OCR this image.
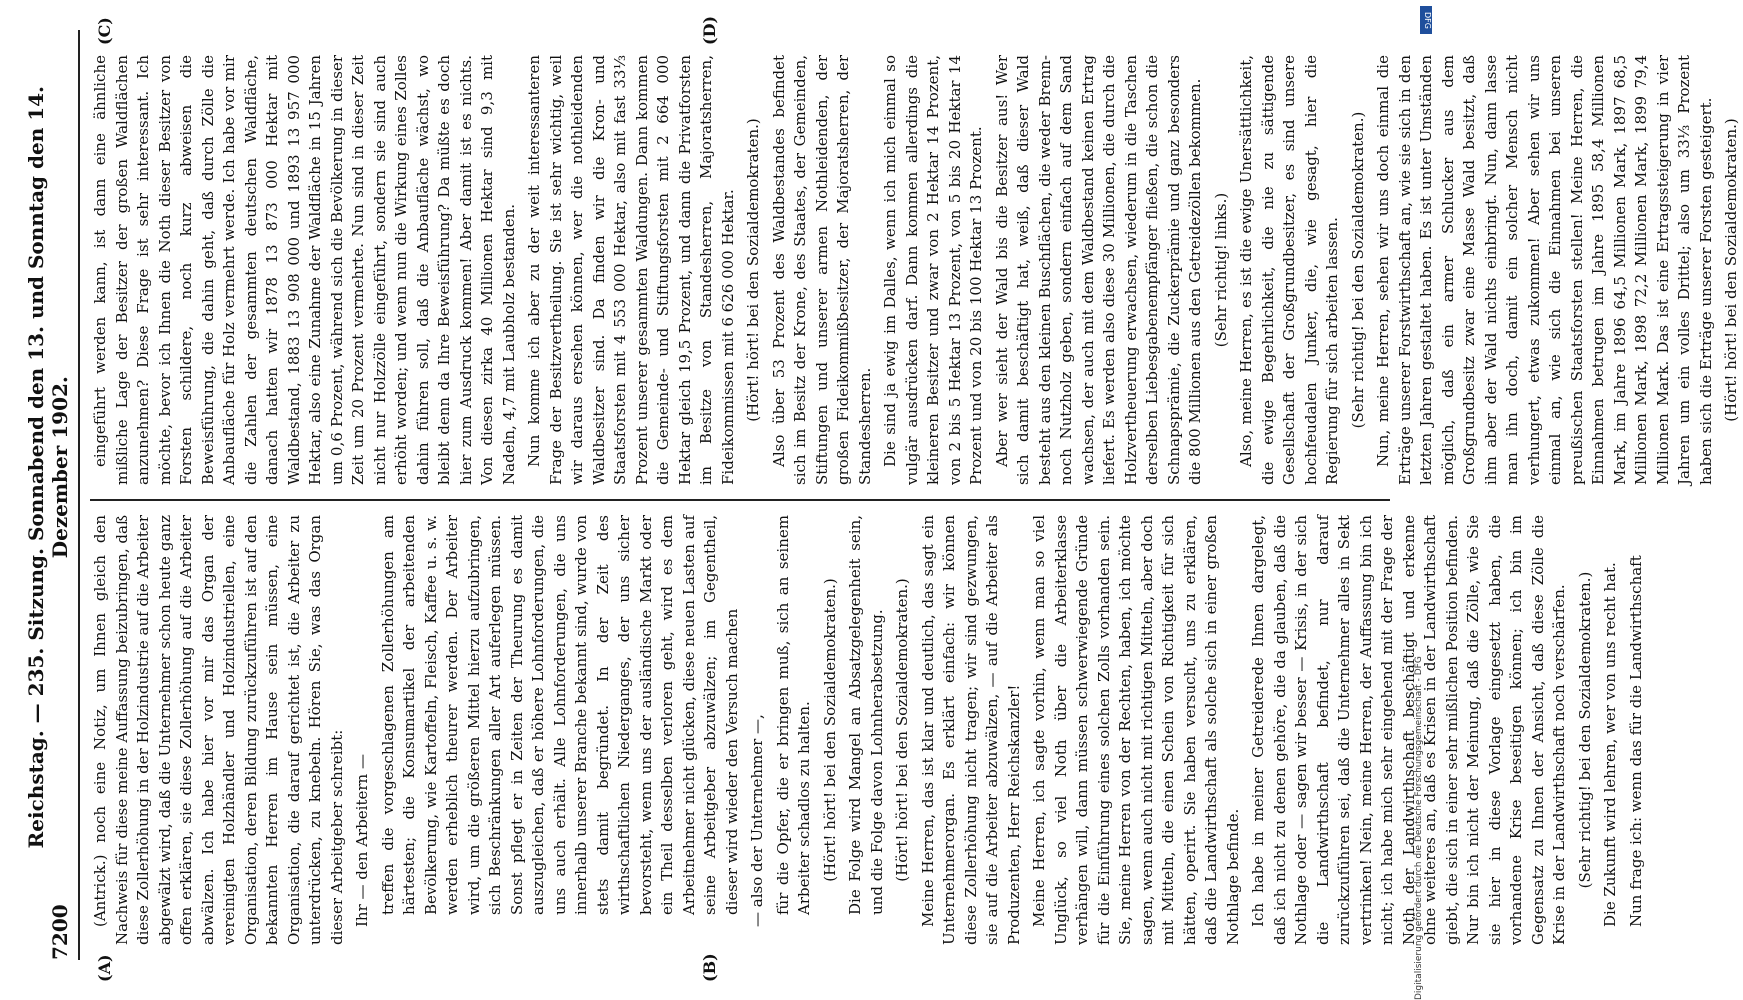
7200
Reichstag. — 235. Sitzung. Sonnabend den 13. und Sonntag den 14. Dezember 1902.
(A)	(B)
(C)	(D)

(Antrick.) noch eine Notiz, um Ihnen gleich den Nachweis für diese meine Auffassung beizubringen, daß diese Zollerhöhung in der Holzindustrie auf die Arbeiter abgewälzt wird, daß die Unternehmer schon heute ganz offen erklären, sie diese Zollerhöhung auf die Arbeiter abwälzen. Ich habe hier vor mir das Organ der vereinigten Holzhändler und Holzindustriellen, eine Organisation, deren Bildung zurückzuführen ist auf den bekannten Herren im Hause sein müssen, eine Organisation, die darauf gerichtet ist, die Arbeiter zu unterdrücken, zu knebeln. Hören Sie, was das Organ dieser Arbeitgeber schreibt: Ihr — den Arbeitern — treffen die vorgeschlagenen Zollerhöhungen am härtesten; die Konsumartikel der arbeitenden Bevölkerung, wie Kartoffeln, Fleisch, Kaffee u. s. w. werden erheblich theurer werden. Der Arbeiter wird, um die größeren Mittel hierzu aufzubringen, sich Beschränkungen aller Art auferlegen müssen. Sonst pflegt er in Zeiten der Theurung es damit auszugleichen, daß er höhere Lohnforderungen, die uns auch erhält. Alle Lohnforderungen, die uns innerhalb unserer Branche bekannt sind, wurde von stets damit begründet. In der Zeit des wirthschaftlichen Niederganges, der uns sicher bevorsteht, wenn uns der ausländische Markt oder ein Theil desselben verloren geht, wird es dem Arbeitnehmer nicht glücken, diese neuen Lasten auf seine Arbeitgeber abzuwälzen; im Gegentheil, dieser wird wieder den Versuch machen — also der Unternehmer —, für die Opfer, die er bringen muß, sich an seinem Arbeiter schadlos zu halten. (Hört! hört! bei den Sozialdemokraten.) Die Folge wird Mangel an Absatzgelegenheit sein, und die Folge davon Lohnherabsetzung. (Hört! hört! bei den Sozialdemokraten.) Meine Herren, das ist klar und deutlich, das sagt ein Unternehmerorgan. Es erklärt einfach: wir können diese Zollerhöhung nicht tragen; wir sind gezwungen, sie auf die Arbeiter abzuwälzen, — auf die Arbeiter als Produzenten, Herr Reichskanzler! Meine Herren, ich sagte vorhin, wenn man so viel Unglück, so viel Noth über die Arbeiterklasse verhängen will, dann müssen schwerwiegende Gründe für die Einführung eines solchen Zolls vorhanden sein. Sie, meine Herren von der Rechten, haben, ich möchte sagen, wenn auch nicht mit richtigen Mitteln, aber doch mit Mitteln, die einen Schein von Richtigkeit für sich hätten, operirt. Sie haben versucht, uns zu erklären, daß die Landwirthschaft als solche sich in einer großen Nothlage befinde. Ich habe in meiner Getreiderede Ihnen dargelegt, daß ich nicht zu denen gehöre, die da glauben, daß die Nothlage oder — sagen wir besser — Krisis, in der sich die Landwirthschaft befindet, nur darauf zurückzuführen sei, daß die Unternehmer alles in Sekt vertrinken! Nein, meine Herren, der Auffassung bin ich nicht; ich habe mich sehr eingehend mit der Frage der Noth der Landwirthschaft beschäftigt und erkenne ohne weiteres an, daß es Krisen in der Landwirthschaft giebt, die sich in einer sehr mißlichen Position befinden. Nur bin ich nicht der Meinung, daß die Zölle, wie Sie sie hier in diese Vorlage eingesetzt haben, die vorhandene Krise beseitigen können; ich bin im Gegensatz zu Ihnen der Ansicht, daß diese Zölle die Krise in der Landwirthschaft noch verschärfen. (Sehr richtig! bei den Sozialdemokraten.) Die Zukunft wird lehren, wer von uns recht hat. Nun frage ich: wenn das für die Landwirthschaft

eingeführt werden kann, ist dann eine ähnliche mißliche Lage der Besitzer der großen Waldflächen anzunehmen? Diese Frage ist sehr interessant. Ich möchte, bevor ich Ihnen die Noth dieser Besitzer von Forsten schildere, noch kurz abweisen die Beweisführung, die dahin geht, daß durch Zölle die Anbaufläche für Holz vermehrt werde. Ich habe vor mir die Zahlen der gesammten deutschen Waldfläche, danach hatten wir 1878 13 873 000 Hektar mit Waldbestand, 1883 13 908 000 und 1893 13 957 000 Hektar, also eine Zunahme der Waldfläche in 15 Jahren um 0,6 Prozent, während sich die Bevölkerung in dieser Zeit um 20 Prozent vermehrte. Nun sind in dieser Zeit nicht nur Holzzölle eingeführt, sondern sie sind auch erhöht worden; und wenn nun die Wirkung eines Zolles dahin führen soll, daß die Anbaufläche wächst, wo bleibt denn da Ihre Beweisführung? Da müßte es doch hier zum Ausdruck kommen! Aber damit ist es nichts. Von diesen zirka 40 Millionen Hektar sind 9,3 mit Nadeln, 4,7 mit Laubholz bestanden. Nun komme ich aber zu der weit interessanteren Frage der Besitzvertheilung. Sie ist sehr wichtig, weil wir daraus ersehen können, wer die nothleidenden Waldbesitzer sind. Da finden wir die Kron- und Staatsforsten mit 4 553 000 Hektar, also mit fast 33⅓ Prozent unserer gesammten Waldungen. Dann kommen die Gemeinde- und Stiftungsforsten mit 2 664 000 Hektar gleich 19,5 Prozent, und dann die Privatforsten im Besitze von Standesherren, Majoratsherren, Fideikommissen mit 6 626 000 Hektar. (Hört! hört! bei den Sozialdemokraten.) Also über 53 Prozent des Waldbestandes befindet sich im Besitz der Krone, des Staates, der Gemeinden, Stiftungen und unserer armen Nothleidenden, der großen Fideikommißbesitzer, der Majoratsherren, der Standesherren. Die sind ja ewig im Dalles, wenn ich mich einmal so vulgär ausdrücken darf. Dann kommen allerdings die kleineren Besitzer und zwar von 2 Hektar 14 Prozent, von 2 bis 5 Hektar 13 Prozent, von 5 bis 20 Hektar 14 Prozent und von 20 bis 100 Hektar 13 Prozent. Aber wer sieht der Wald bis die Besitzer aus! Wer sich damit beschäftigt hat, weiß, daß dieser Wald besteht aus den kleinen Buschflächen, die weder Brenn- noch Nutzholz geben, sondern einfach auf dem Sand wachsen, der auch mit dem Waldbestand keinen Ertrag liefert. Es werden also diese 30 Millionen, die durch die Holzvertheuerung erwachsen, wiederum in die Taschen derselben Liebesgabenempfänger fließen, die schon die Schnapsprämie, die Zuckerprämie und ganz besonders die 800 Millionen aus den Getreidezöllen bekommen. (Sehr richtig! links.) Also, meine Herren, es ist die ewige Unersättlichkeit, die ewige Begehrlichkeit, die nie zu sättigende Gesellschaft der Großgrundbesitzer, es sind unsere hochfeudalen Junker, die, wie gesagt, hier die Regierung für sich arbeiten lassen. (Sehr richtig! bei den Sozialdemokraten.) Nun, meine Herren, sehen wir uns doch einmal die Erträge unserer Forstwirthschaft an, wie sie sich in den letzten Jahren gestaltet haben. Es ist unter Umständen möglich, daß ein armer Schlucker aus dem Großgrundbesitz zwar eine Masse Wald besitzt, daß ihm aber der Wald nichts einbringt. Nun, dann lasse man ihn doch, damit ein solcher Mensch nicht verhungert, etwas zukommen! Aber sehen wir uns einmal an, wie sich die Einnahmen bei unseren preußischen Staatsforsten stellen! Meine Herren, die Einnahmen betrugen im Jahre 1895 58,4 Millionen Mark, im Jahre 1896 64,5 Millionen Mark, 1897 68,5 Millionen Mark, 1898 72,2 Millionen Mark, 1899 79,4 Millionen Mark. Das ist eine Ertragssteigerung in vier Jahren um ein volles Drittel; also um 33⅓ Prozent haben sich die Erträge unserer Forsten gesteigert. (Hört! hört! bei den Sozialdemokraten.)

Digitalisierung gefördert durch die Deutsche Forschungsgemeinschaft - DFG
DFG
